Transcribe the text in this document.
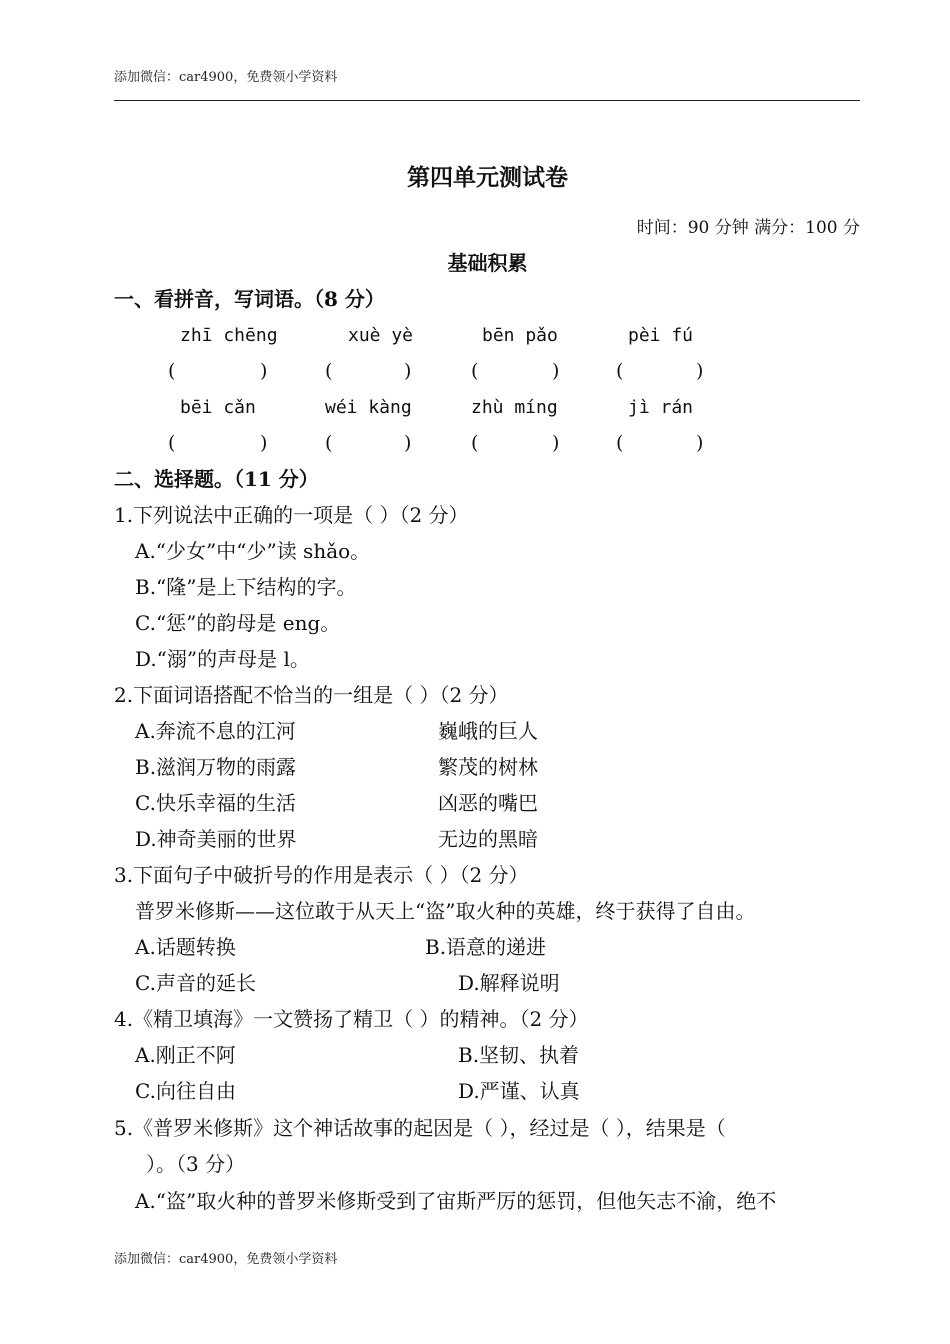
添加微信：car4900，免费领小学资料
第四单元测试卷
时间：90 分钟 满分：100 分
基础积累
一、看拼音，写词语。（8 分）
zhī chēng	xuè yè	bēn pǎo	pèi fú
(	)	(	)	(	)	(	)
bēi cǎn	wéi kàng	zhù míng	jì rán
(	)	(	)	(	)	(	)
二、选择题。（11 分）
1.下列说法中正确的一项是（ ）（2 分）
A.“少女”中“少”读 shǎo。
B.“隆”是上下结构的字。
C.“惩”的韵母是 eng。
D.“溺”的声母是 l。
2.下面词语搭配不恰当的一组是（ ）（2 分）
A.奔流不息的江河	巍峨的巨人
B.滋润万物的雨露	繁茂的树林
C.快乐幸福的生活	凶恶的嘴巴
D.神奇美丽的世界	无边的黑暗
3.下面句子中破折号的作用是表示（ ）（2 分）
普罗米修斯——这位敢于从天上“盗”取火种的英雄，终于获得了自由。
A.话题转换	B.语意的递进
C.声音的延长	D.解释说明
4.《精卫填海》一文赞扬了精卫（ ）的精神。（2 分）
A.刚正不阿	B.坚韧、执着
C.向往自由	D.严谨、认真
5.《普罗米修斯》这个神话故事的起因是（ ），经过是（ ），结果是（
）。（3 分）
A.“盗”取火种的普罗米修斯受到了宙斯严厉的惩罚，但他矢志不渝，绝不
添加微信：car4900，免费领小学资料
